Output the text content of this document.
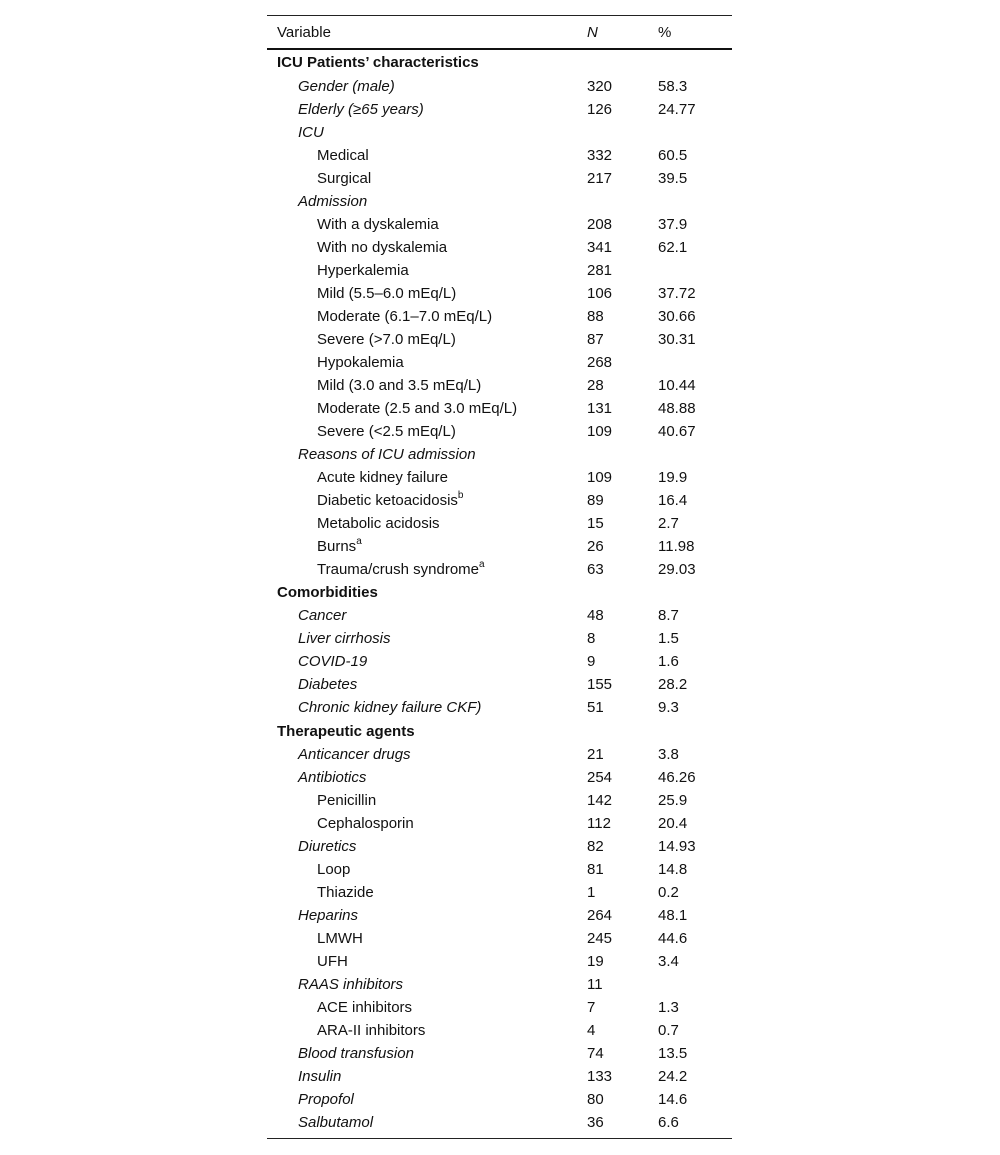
Variable	N	%
ICU Patients’ characteristics
Gender (male)	320	58.3
Elderly (≥65 years)	126	24.77
ICU
Medical	332	60.5
Surgical	217	39.5
Admission
With a dyskalemia	208	37.9
With no dyskalemia	341	62.1
Hyperkalemia	281
Mild (5.5–6.0 mEq/L)	106	37.72
Moderate (6.1–7.0 mEq/L)	88	30.66
Severe (>7.0 mEq/L)	87	30.31
Hypokalemia	268
Mild (3.0 and 3.5 mEq/L)	28	10.44
Moderate (2.5 and 3.0 mEq/L)	131	48.88
Severe (<2.5 mEq/L)	109	40.67
Reasons of ICU admission
Acute kidney failure	109	19.9
Diabetic ketoacidosis$^b$	89	16.4
Metabolic acidosis	15	2.7
Burns$^a$	26	11.98
Trauma/crush syndrome$^a$	63	29.03
Comorbidities
Cancer	48	8.7
Liver cirrhosis	8	1.5
COVID-19	9	1.6
Diabetes	155	28.2
Chronic kidney failure CKF)	51	9.3
Therapeutic agents
Anticancer drugs	21	3.8
Antibiotics	254	46.26
Penicillin	142	25.9
Cephalosporin	112	20.4
Diuretics	82	14.93
Loop	81	14.8
Thiazide	1	0.2
Heparins	264	48.1
LMWH	245	44.6
UFH	19	3.4
RAAS inhibitors	11
ACE inhibitors	7	1.3
ARA-II inhibitors	4	0.7
Blood transfusion	74	13.5
Insulin	133	24.2
Propofol	80	14.6
Salbutamol	36	6.6
